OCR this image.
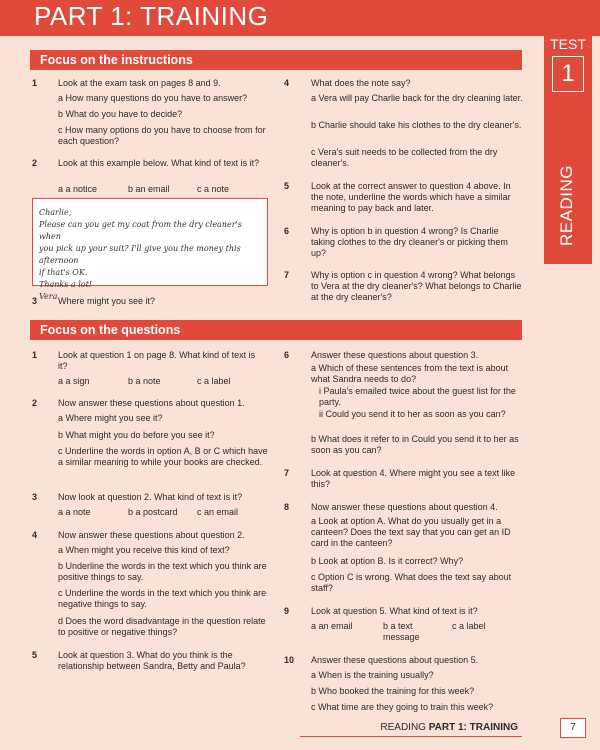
PART 1: TRAINING
TEST
1
READING
Focus on the instructions
1 Look at the exam task on pages 8 and 9.
a How many questions do you have to answer?
b What do you have to decide?
c How many options do you have to choose from for each question?
2 Look at this example below. What kind of text is it?
a a notice	b an email	c a note
Charlie,
Please can you get my coat from the dry cleaner's when
you pick up your suit? I'll give you the money this afternoon
if that's OK.
Thanks a lot!
Vera
3 Where might you see it?
4 What does the note say?
a Vera will pay Charlie back for the dry cleaning later.
b Charlie should take his clothes to the dry cleaner's.
c Vera's suit needs to be collected from the dry cleaner's.
5 Look at the correct answer to question 4 above. In the note, underline the words which have a similar meaning to pay back and later.
6 Why is option b in question 4 wrong? Is Charlie taking clothes to the dry cleaner's or picking them up?
7 Why is option c in question 4 wrong? What belongs to Vera at the dry cleaner's? What belongs to Charlie at the dry cleaner's?
Focus on the questions
1 Look at question 1 on page 8. What kind of text is it?
a a sign	b a note	c a label
2 Now answer these questions about question 1.
a Where might you see it?
b What might you do before you see it?
c Underline the words in option A, B or C which have a similar meaning to while your books are checked.
3 Now look at question 2. What kind of text is it?
a a note	b a postcard c an email
4 Now answer these questions about question 2.
a When might you receive this kind of text?
b Underline the words in the text which you think are positive things to say.
c Underline the words in the text which you think are negative things to say.
d Does the word disadvantage in the question relate to positive or negative things?
5 Look at question 3. What do you think is the relationship between Sandra, Betty and Paula?
6 Answer these questions about question 3.
a Which of these sentences from the text is about what Sandra needs to do?
i Paula's emailed twice about the guest list for the party.
ii Could you send it to her as soon as you can?
b What does it refer to in Could you send it to her as soon as you can?
7 Look at question 4. Where might you see a text like this?
8 Now answer these questions about question 4.
a Look at option A. What do you usually get in a canteen? Does the text say that you can get an ID card in the canteen?
b Look at option B. Is it correct? Why?
c Option C is wrong. What does the text say about staff?
9 Look at question 5. What kind of text is it?
a an email	b a text message
c a label
10 Answer these questions about question 5.
a When is the training usually?
b Who booked the training for this week?
c What time are they going to train this week?
READING PART 1: TRAINING	7
